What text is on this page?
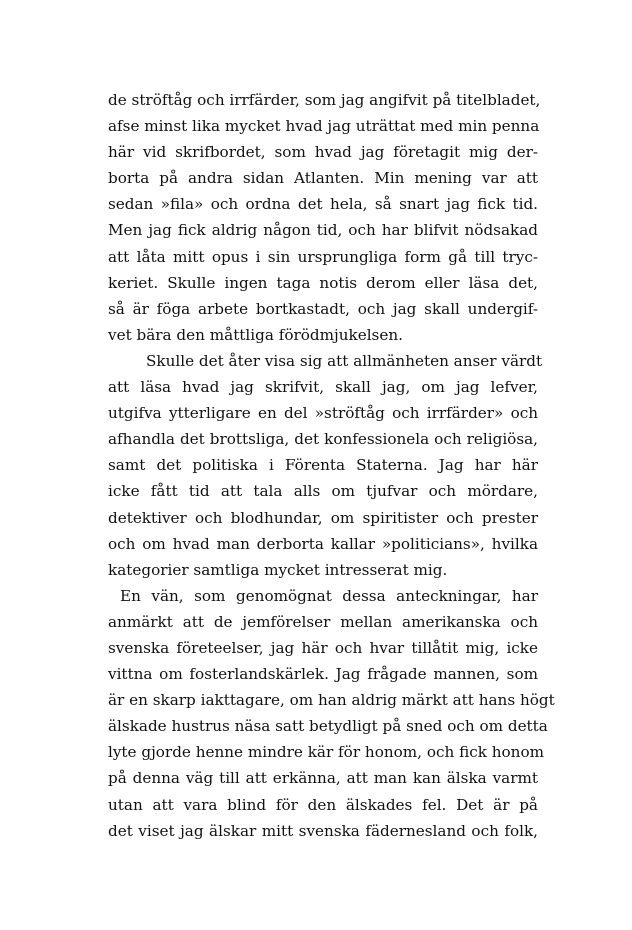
de ströftåg och irrfärder, som jag angifvit på titelbladet,
afse minst lika mycket hvad jag uträttat med min penna
här vid skrifbordet, som hvad jag företagit mig der-
borta på andra sidan Atlanten. Min mening var att
sedan »fila» och ordna det hela, så snart jag fick tid.
Men jag fick aldrig någon tid, och har blifvit nödsakad
att låta mitt opus i sin ursprungliga form gå till tryc-
keriet. Skulle ingen taga notis derom eller läsa det,
så är föga arbete bortkastadt, och jag skall undergif-
vet bära den måttliga förödmjukelsen.
Skulle det åter visa sig att allmänheten anser värdt
att läsa hvad jag skrifvit, skall jag, om jag lefver,
utgifva ytterligare en del »ströftåg och irrfärder» och
afhandla det brottsliga, det konfessionela och religiösa,
samt det politiska i Förenta Staterna. Jag har här
icke fått tid att tala alls om tjufvar och mördare,
detektiver och blodhundar, om spiritister och prester
och om hvad man derborta kallar »politicians», hvilka
kategorier samtliga mycket intresserat mig.
En vän, som genomögnat dessa anteckningar, har
anmärkt att de jemförelser mellan amerikanska och
svenska företeelser, jag här och hvar tillåtit mig, icke
vittna om fosterlandskärlek. Jag frågade mannen, som
är en skarp iakttagare, om han aldrig märkt att hans högt
älskade hustrus näsa satt betydligt på sned och om detta
lyte gjorde henne mindre kär för honom, och fick honom
på denna väg till att erkänna, att man kan älska varmt
utan att vara blind för den älskades fel. Det är på
det viset jag älskar mitt svenska fädernesland och folk,
